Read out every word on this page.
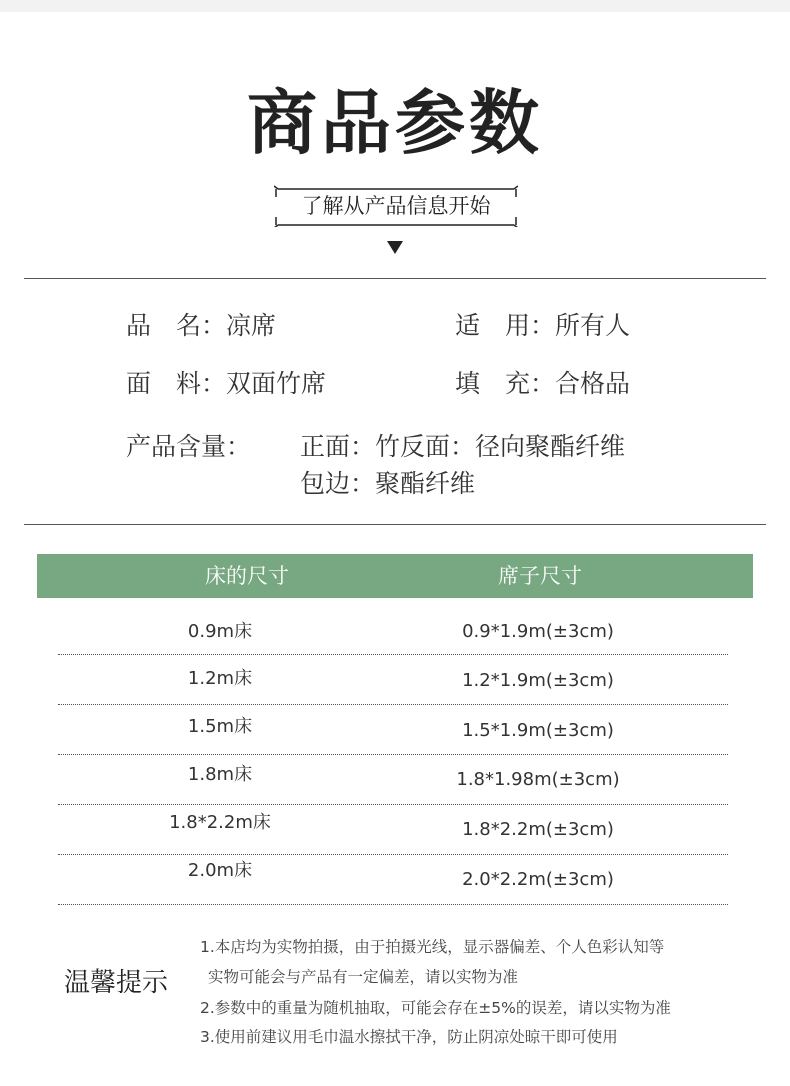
商品参数
了解从产品信息开始
品　名：凉席	适　用：所有人
面　料：双面竹席	填　充：合格品
产品含量： 正面：竹反面：径向聚酯纤维
包边：聚酯纤维
床的尺寸	席子尺寸
0.9m床	0.9*1.9m(±3cm)
1.2m床	1.2*1.9m(±3cm)
1.5m床	1.5*1.9m(±3cm)
1.8m床	1.8*1.98m(±3cm)
1.8*2.2m床	1.8*2.2m(±3cm)
2.0m床	2.0*2.2m(±3cm)
温馨提示
1.本店均为实物拍摄，由于拍摄光线，显示器偏差、个人色彩认知等
实物可能会与产品有一定偏差，请以实物为准
2.参数中的重量为随机抽取，可能会存在±5%的误差，请以实物为准
3.使用前建议用毛巾温水擦拭干净，防止阴凉处晾干即可使用
